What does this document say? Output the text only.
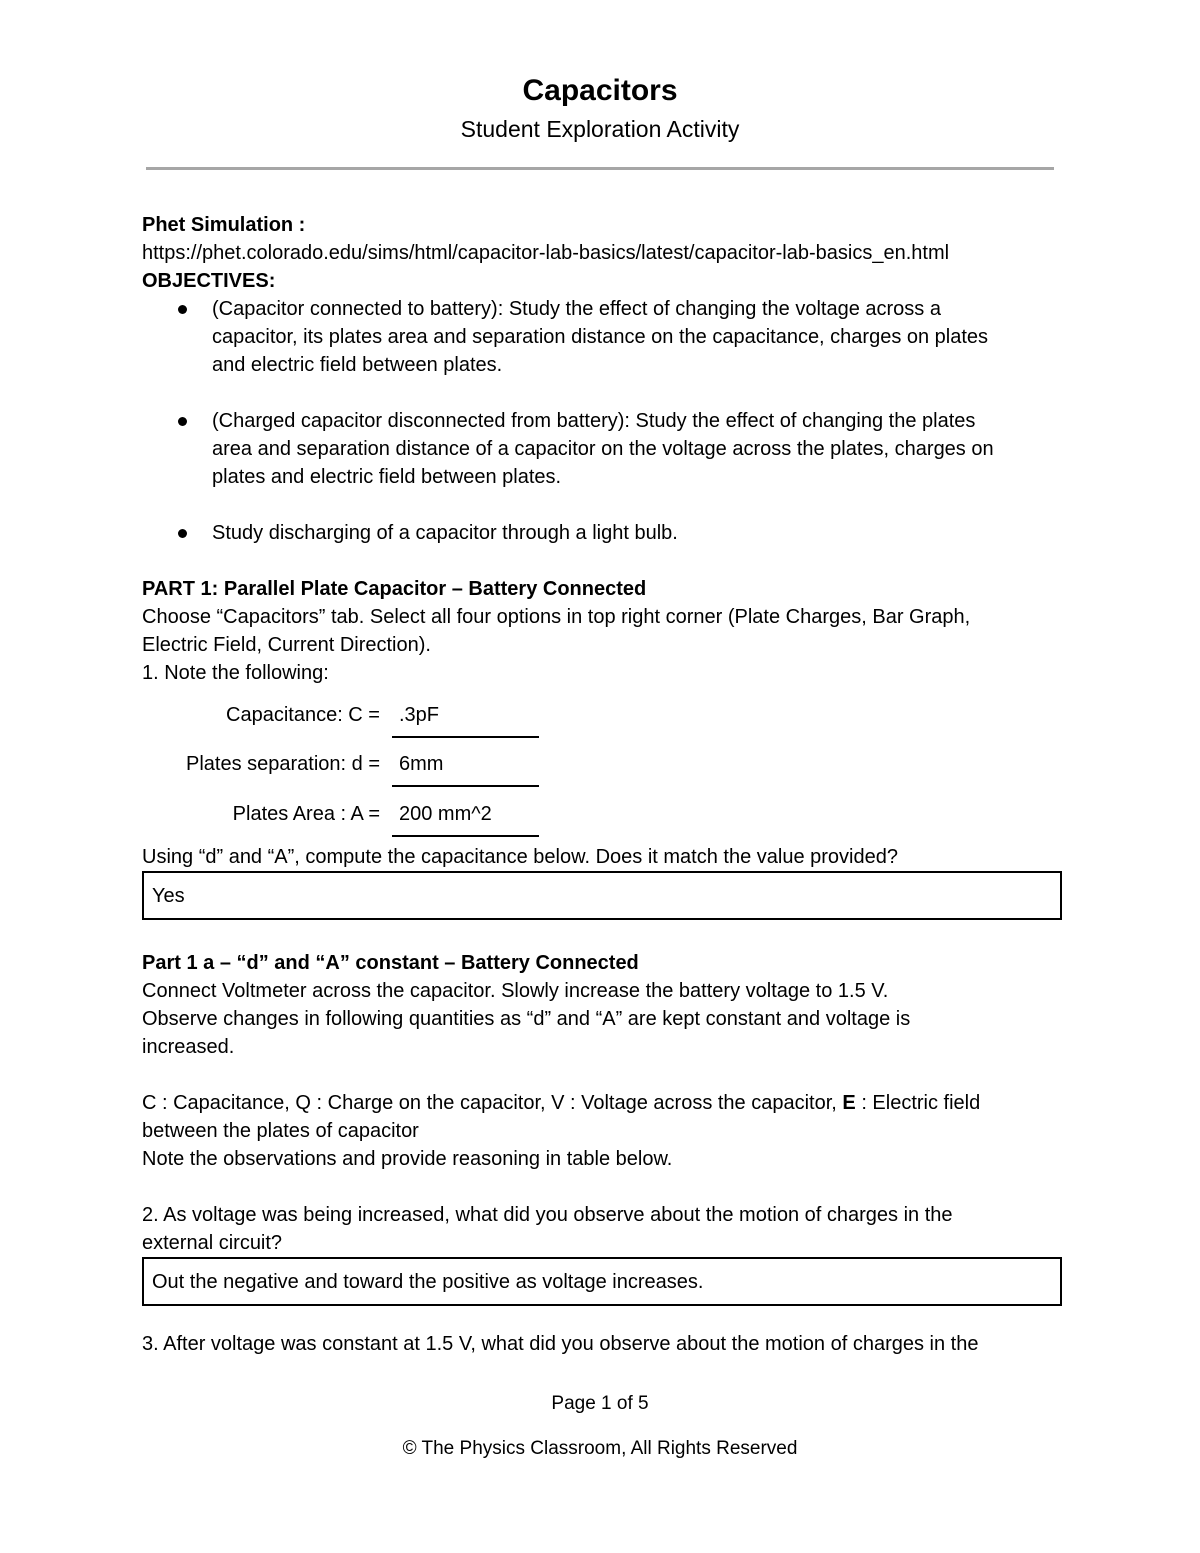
Capacitors
Student Exploration Activity
Phet Simulation :
https://phet.colorado.edu/sims/html/capacitor-lab-basics/latest/capacitor-lab-basics_en.html
OBJECTIVES:
(Capacitor connected to battery): Study the effect of changing the voltage across a
capacitor, its plates area and separation distance on the capacitance, charges on plates
and electric field between plates.
(Charged capacitor disconnected from battery): Study the effect of changing the plates
area and separation distance of a capacitor on the voltage across the plates, charges on
plates and electric field between plates.
Study discharging of a capacitor through a light bulb.
PART 1: Parallel Plate Capacitor – Battery Connected
Choose “Capacitors” tab. Select all four options in top right corner (Plate Charges, Bar Graph,
Electric Field, Current Direction).
1. Note the following:
Capacitance: C = .3pF
Plates separation: d = 6mm
Plates Area : A = 200 mm^2
Using “d” and “A”, compute the capacitance below. Does it match the value provided?
Yes
Part 1 a – “d” and “A” constant – Battery Connected
Connect Voltmeter across the capacitor. Slowly increase the battery voltage to 1.5 V.
Observe changes in following quantities as “d” and “A” are kept constant and voltage is
increased.
C : Capacitance, Q : Charge on the capacitor, V : Voltage across the capacitor, E : Electric field
between the plates of capacitor
Note the observations and provide reasoning in table below.
2. As voltage was being increased, what did you observe about the motion of charges in the
external circuit?
Out the negative and toward the positive as voltage increases.
3. After voltage was constant at 1.5 V, what did you observe about the motion of charges in the
Page 1 of 5
© The Physics Classroom, All Rights Reserved
